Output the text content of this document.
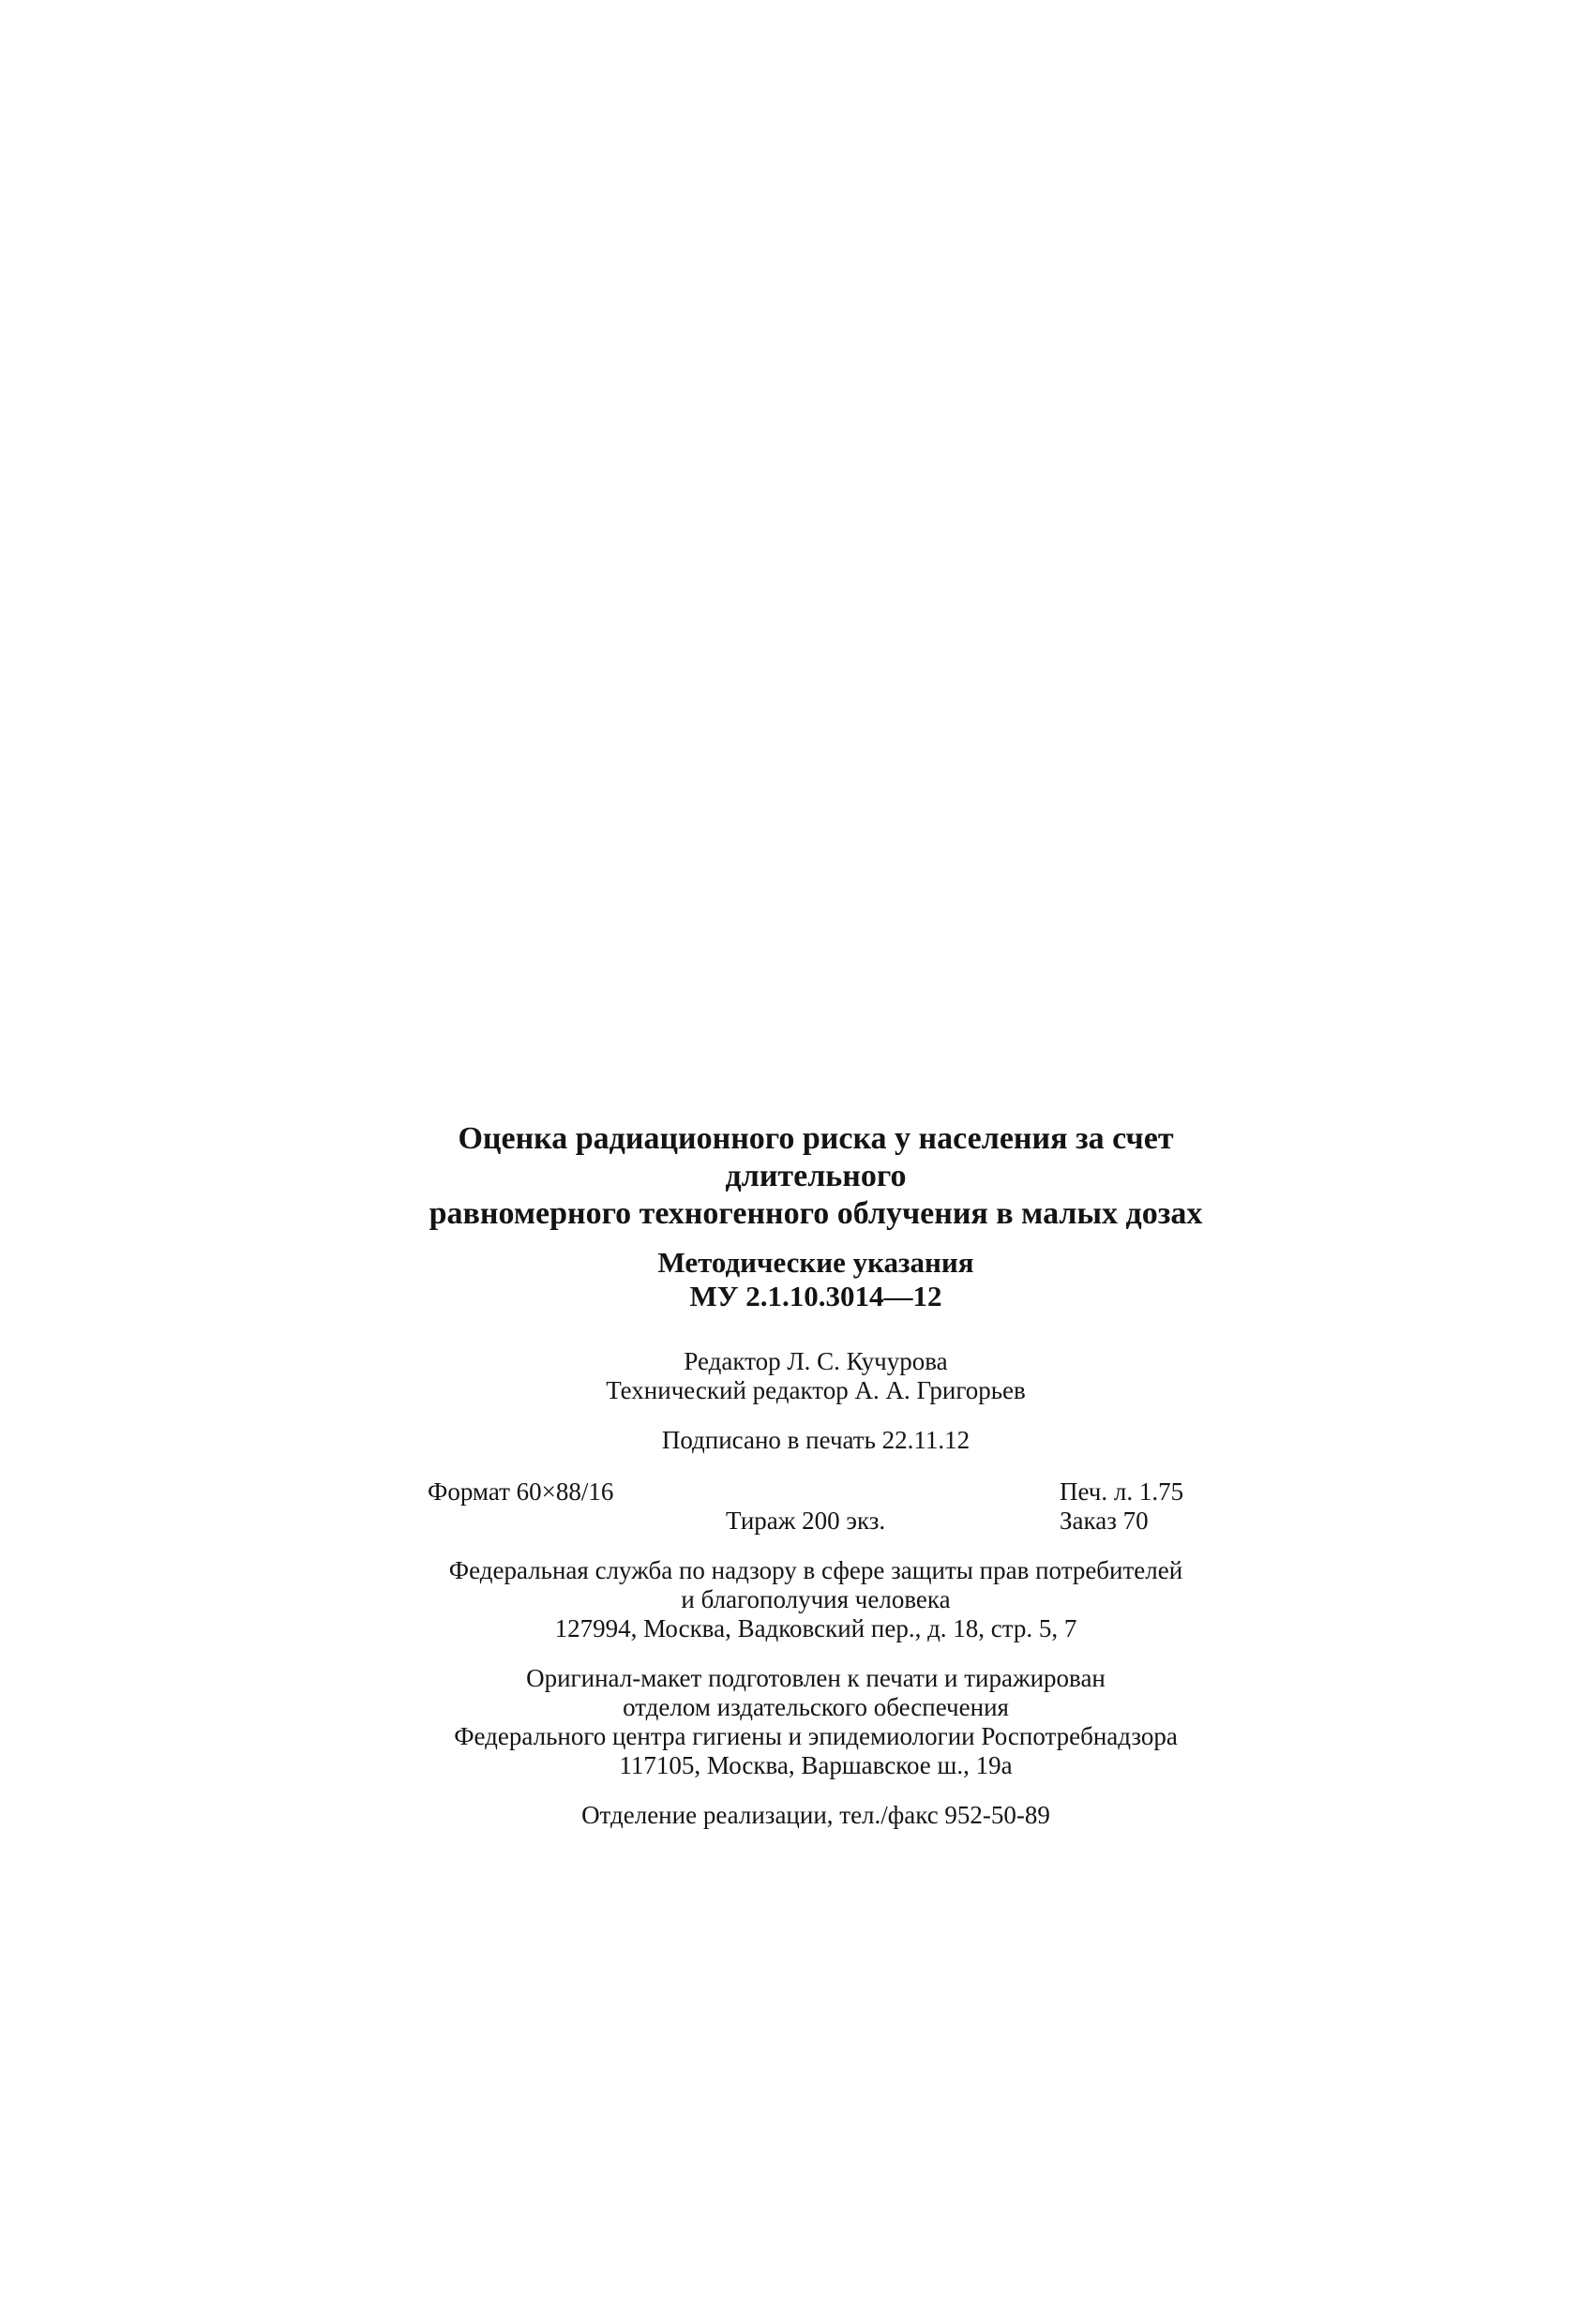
Оценка радиационного риска у населения за счет длительного

равномерного техногенного облучения в малых дозах

Методические указания

МУ 2.1.10.3014—12

Редактор Л. С. Кучурова

Технический редактор А. А. Григорьев

Подписано в печать 22.11.12

Формат 60×88/16	Печ. л. 1.75
Тираж 200 экз.	Заказ 70

Федеральная служба по надзору в сфере защиты прав потребителей

и благополучия человека

127994, Москва, Вадковский пер., д. 18, стр. 5, 7

Оригинал-макет подготовлен к печати и тиражирован

отделом издательского обеспечения

Федерального центра гигиены и эпидемиологии Роспотребнадзора

117105, Москва, Варшавское ш., 19а

Отделение реализации, тел./факс 952-50-89
